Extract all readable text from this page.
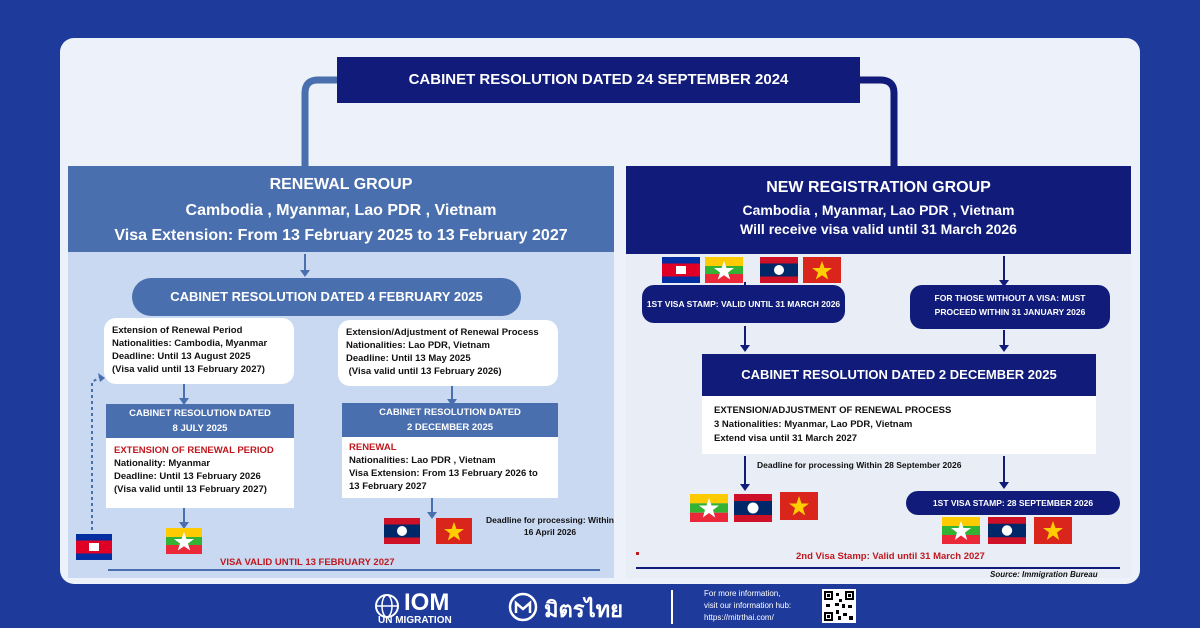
CABINET RESOLUTION DATED 24 SEPTEMBER 2024
RENEWAL GROUP
Cambodia , Myanmar, Lao PDR , Vietnam
Visa Extension: From 13 February 2025 to 13 February 2027
NEW REGISTRATION GROUP
Cambodia , Myanmar, Lao PDR , Vietnam
Will receive visa valid until 31 March 2026
CABINET RESOLUTION DATED 4 FEBRUARY 2025
Extension of Renewal Period
Nationalities: Cambodia, Myanmar
Deadline: Until 13 August 2025
(Visa valid until 13 February 2027)
Extension/Adjustment of Renewal Process
Nationalities: Lao PDR, Vietnam
Deadline: Until 13 May 2025
(Visa valid until 13 February 2026)
CABINET RESOLUTION DATED
8 JULY 2025
EXTENSION OF RENEWAL PERIOD
Nationality: Myanmar
Deadline: Until 13 February 2026
(Visa valid until 13 February 2027)
CABINET RESOLUTION DATED
2 DECEMBER 2025
RENEWAL
Nationalities: Lao PDR , Vietnam
Visa Extension: From 13 February 2026 to
13 February 2027
Deadline for processing: Within
16 April 2026
VISA VALID UNTIL 13 FEBRUARY 2027
1ST VISA STAMP: VALID UNTIL 31 MARCH 2026
FOR THOSE WITHOUT A VISA: MUST
PROCEED WITHIN 31 JANUARY 2026
CABINET RESOLUTION DATED 2 DECEMBER 2025
EXTENSION/ADJUSTMENT OF RENEWAL PROCESS
3 Nationalities: Myanmar, Lao PDR, Vietnam
Extend visa until 31 March 2027
Deadline for processing Within 28 September 2026
1ST VISA STAMP: 28 SEPTEMBER 2026
2nd Visa Stamp: Valid until 31 March 2027
Source: Immigration Bureau
IOM
UN MIGRATION	มิตรไทย
For more information,
visit our information hub:
https://mitrthai.com/
